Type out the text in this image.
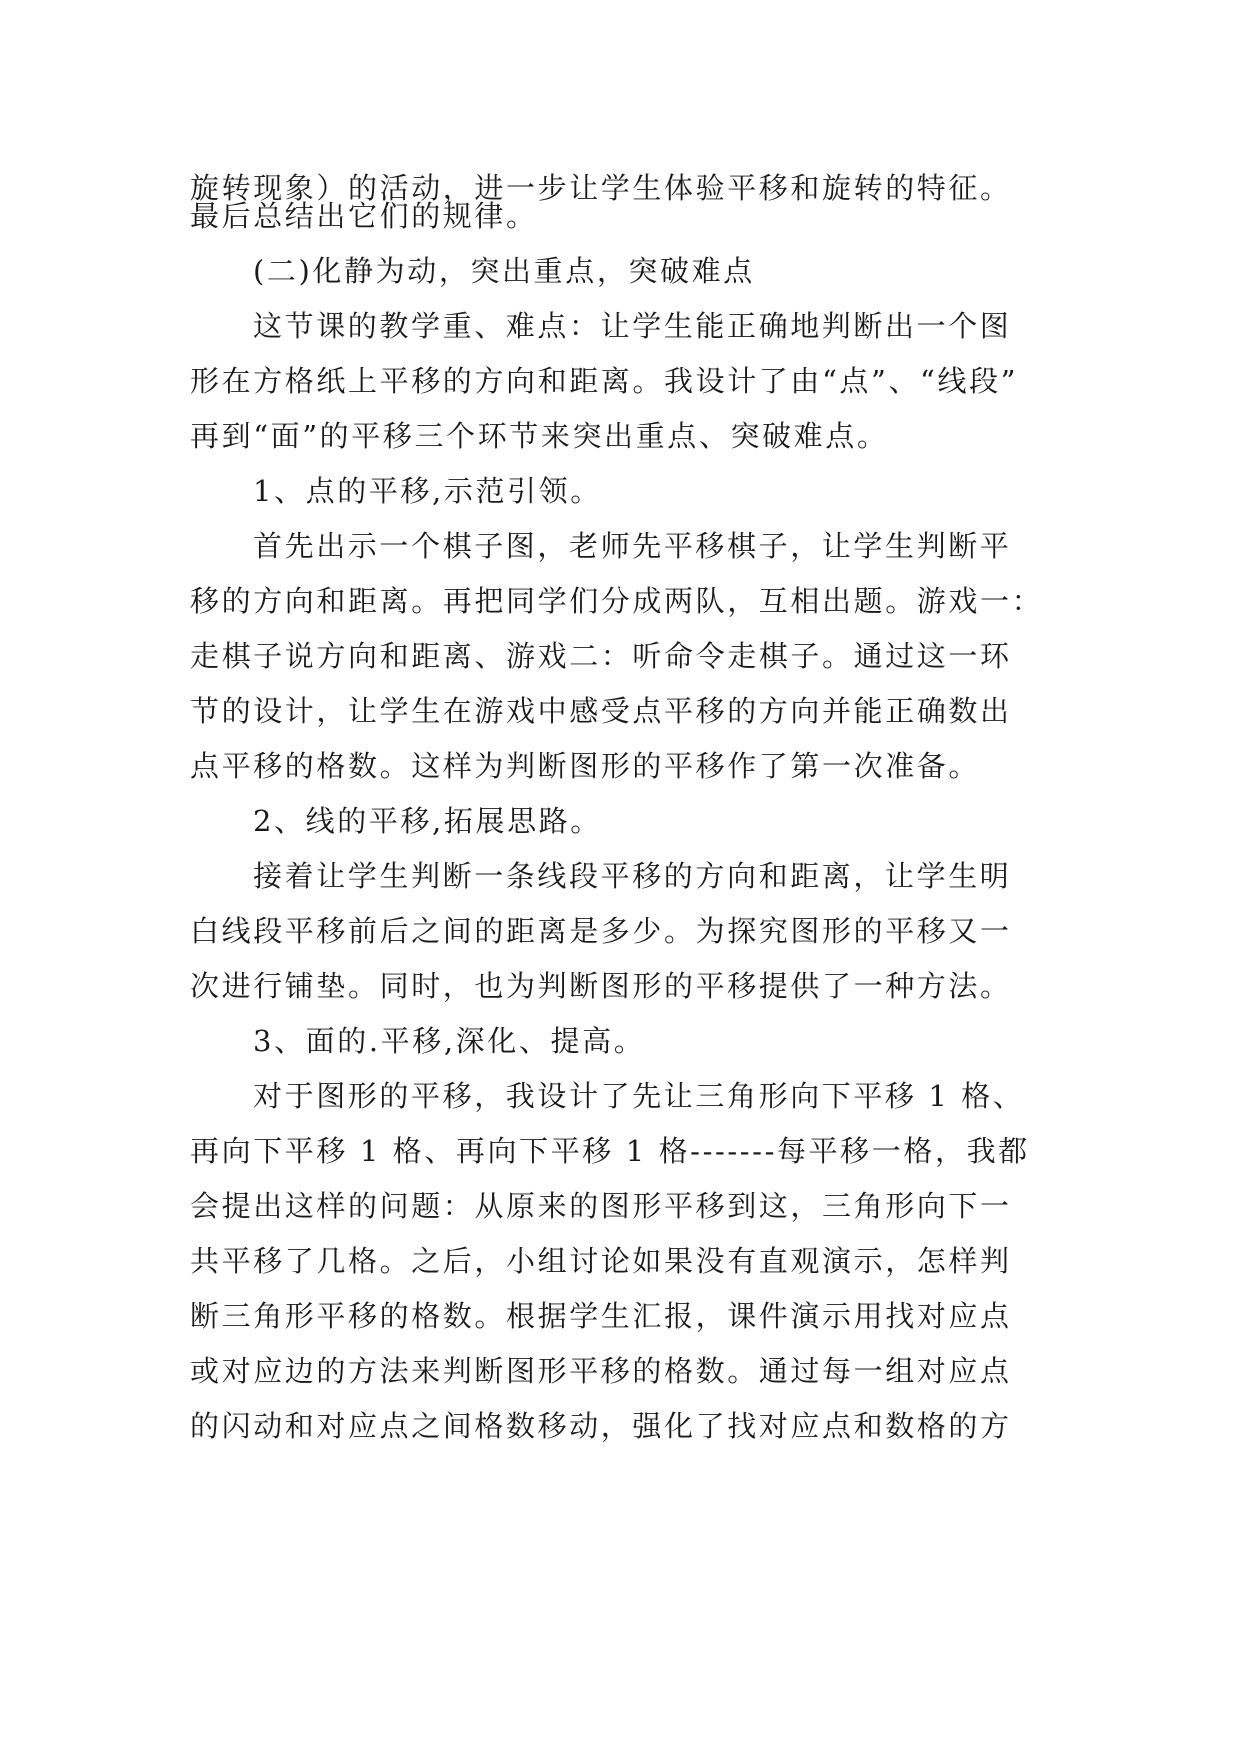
旋转现象）的活动，进一步让学生体验平移和旋转的特征。
最后总结出它们的规律。
(二)化静为动，突出重点，突破难点
这节课的教学重、难点：让学生能正确地判断出一个图
形在方格纸上平移的方向和距离。我设计了由“点”、“线段”
再到“面”的平移三个环节来突出重点、突破难点。
1、点的平移,示范引领。
首先出示一个棋子图，老师先平移棋子，让学生判断平
移的方向和距离。再把同学们分成两队，互相出题。游戏一：
走棋子说方向和距离、游戏二：听命令走棋子。通过这一环
节的设计，让学生在游戏中感受点平移的方向并能正确数出
点平移的格数。这样为判断图形的平移作了第一次准备。
2、线的平移,拓展思路。
接着让学生判断一条线段平移的方向和距离，让学生明
白线段平移前后之间的距离是多少。为探究图形的平移又一
次进行铺垫。同时，也为判断图形的平移提供了一种方法。
3、面的.平移,深化、提高。
对于图形的平移，我设计了先让三角形向下平移 1 格、
再向下平移 1 格、再向下平移 1 格-------每平移一格，我都
会提出这样的问题：从原来的图形平移到这，三角形向下一
共平移了几格。之后，小组讨论如果没有直观演示，怎样判
断三角形平移的格数。根据学生汇报，课件演示用找对应点
或对应边的方法来判断图形平移的格数。通过每一组对应点
的闪动和对应点之间格数移动，强化了找对应点和数格的方
